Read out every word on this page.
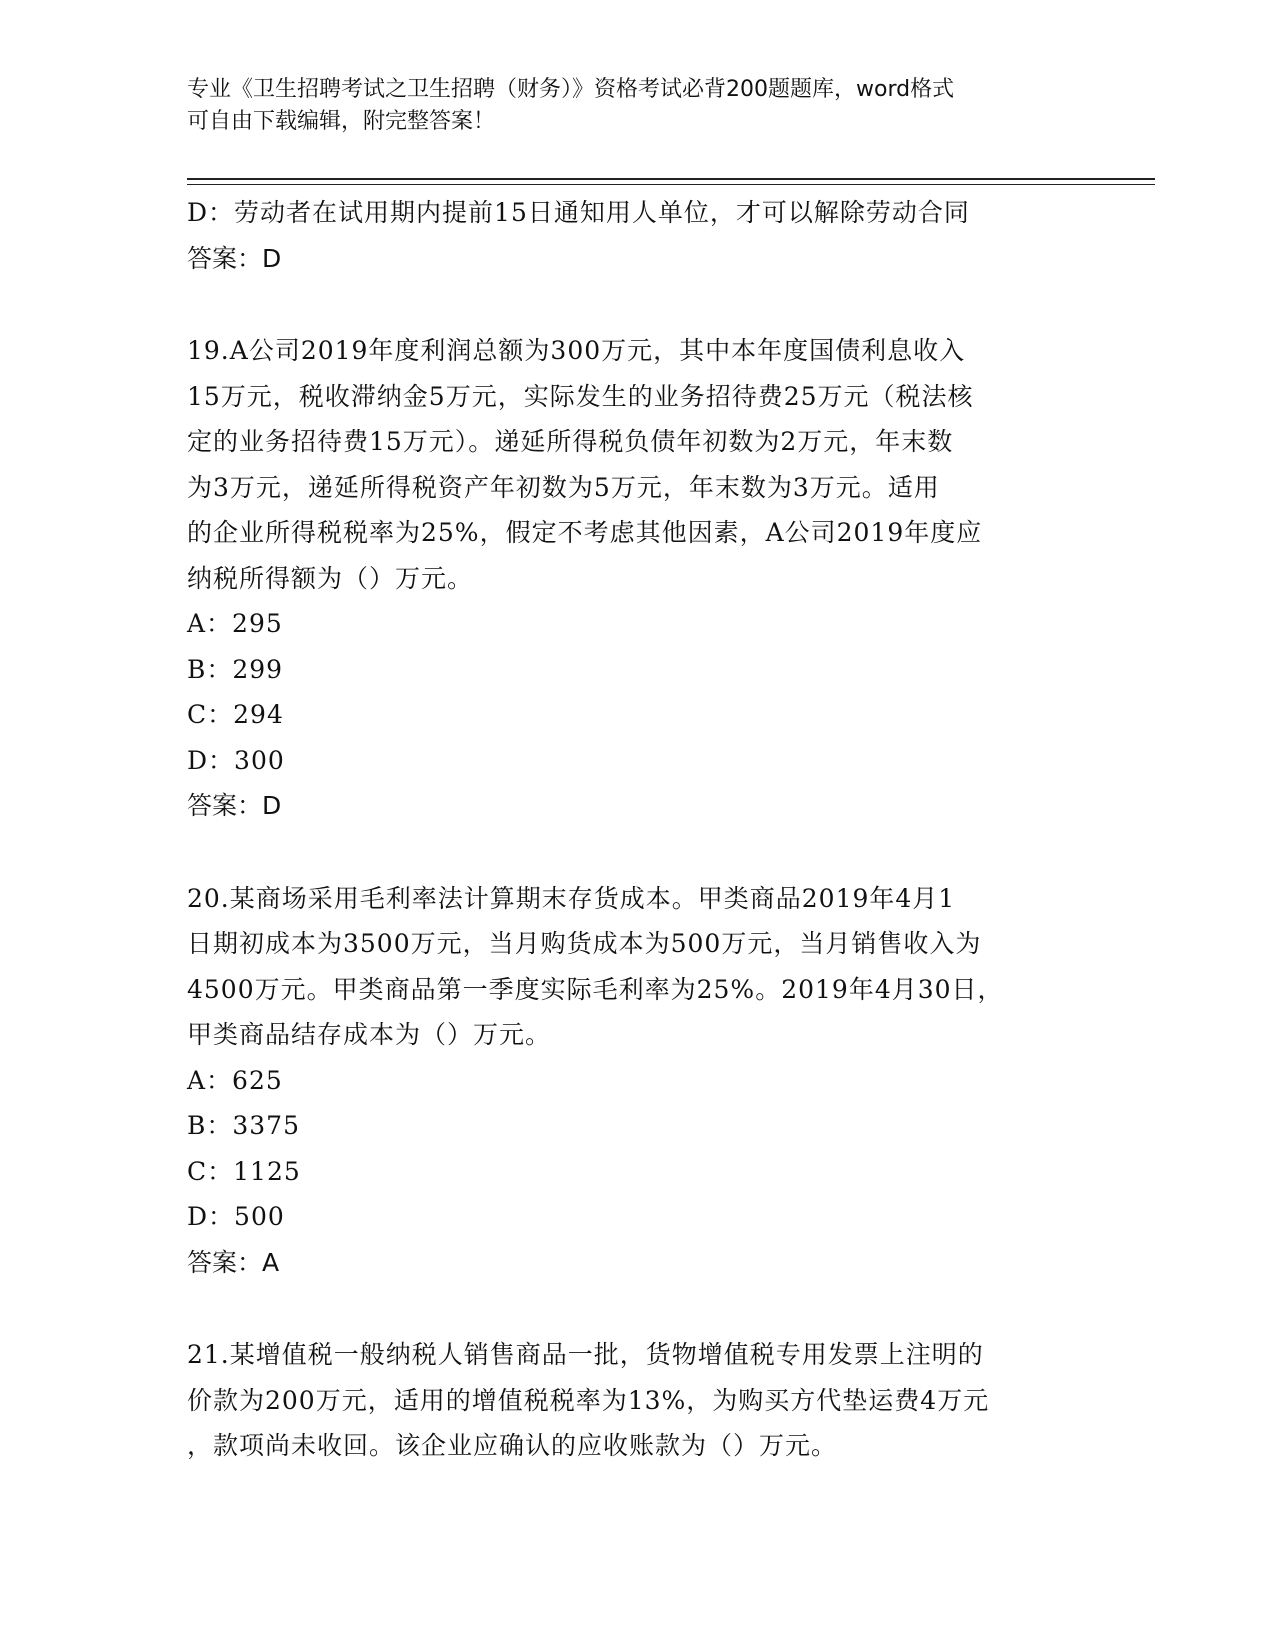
专业《卫生招聘考试之卫生招聘（财务）》资格考试必背200题题库，word格式
可自由下载编辑，附完整答案！
D：劳动者在试用期内提前15日通知用人单位，才可以解除劳动合同
答案：D
19.A公司2019年度利润总额为300万元，其中本年度国债利息收入
15万元，税收滞纳金5万元，实际发生的业务招待费25万元（税法核
定的业务招待费15万元）。递延所得税负债年初数为2万元，年末数
为3万元，递延所得税资产年初数为5万元，年末数为3万元。适用
的企业所得税税率为25%，假定不考虑其他因素，A公司2019年度应
纳税所得额为（）万元。
A：295
B：299
C：294
D：300
答案：D
20.某商场采用毛利率法计算期末存货成本。甲类商品2019年4月1
日期初成本为3500万元，当月购货成本为500万元，当月销售收入为
4500万元。甲类商品第一季度实际毛利率为25%。2019年4月30日，
甲类商品结存成本为（）万元。
A：625
B：3375
C：1125
D：500
答案：A
21.某增值税一般纳税人销售商品一批，货物增值税专用发票上注明的
价款为200万元，适用的增值税税率为13%，为购买方代垫运费4万元
，款项尚未收回。该企业应确认的应收账款为（）万元。
